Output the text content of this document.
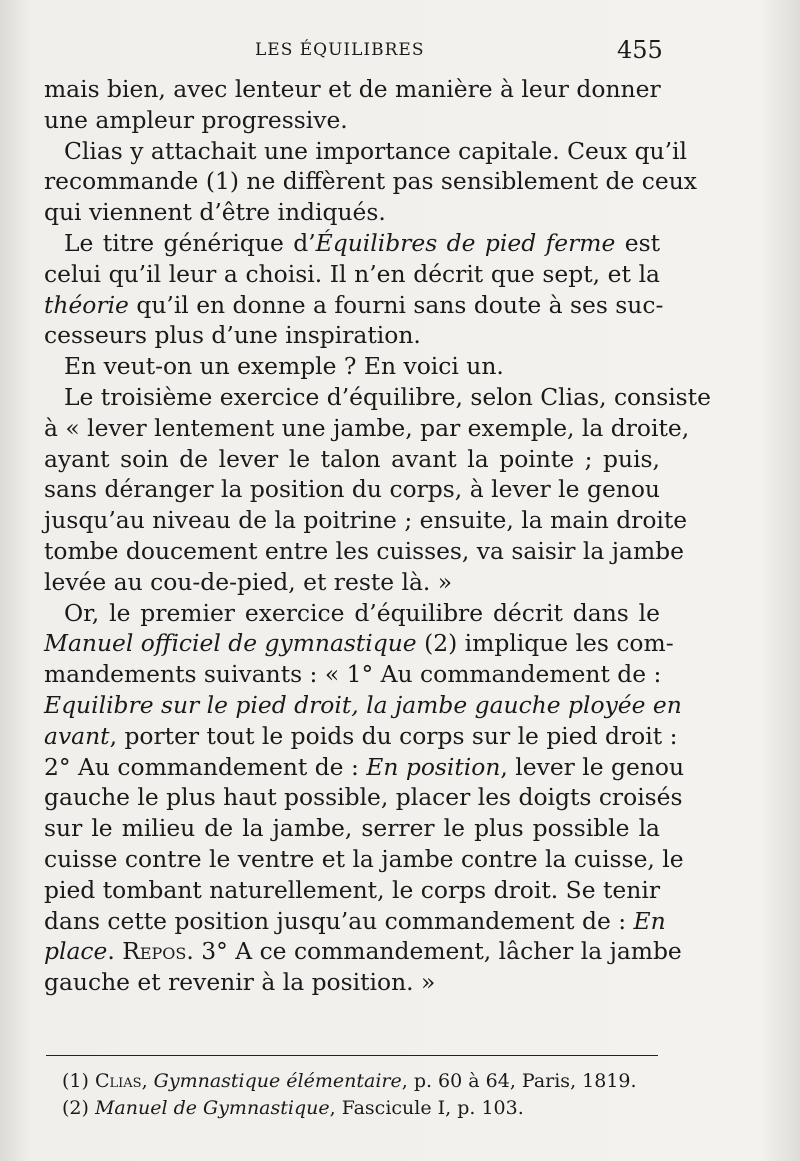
LES ÉQUILIBRES	455
mais bien, avec lenteur et de manière à leur donner
une ampleur progressive.
Clias y attachait une importance capitale. Ceux qu’il
recommande (1) ne diffèrent pas sensiblement de ceux
qui viennent d’être indiqués.
Le titre générique d’Équilibres de pied ferme est
celui qu’il leur a choisi. Il n’en décrit que sept, et la
théorie qu’il en donne a fourni sans doute à ses suc-
cesseurs plus d’une inspiration.
En veut-on un exemple ? En voici un.
Le troisième exercice d’équilibre, selon Clias, consiste
à « lever lentement une jambe, par exemple, la droite,
ayant soin de lever le talon avant la pointe ; puis,
sans déranger la position du corps, à lever le genou
jusqu’au niveau de la poitrine ; ensuite, la main droite
tombe doucement entre les cuisses, va saisir la jambe
levée au cou-de-pied, et reste là. »
Or, le premier exercice d’équilibre décrit dans le
Manuel officiel de gymnastique (2) implique les com-
mandements suivants : « 1° Au commandement de :
Equilibre sur le pied droit, la jambe gauche ployée en
avant, porter tout le poids du corps sur le pied droit :
2° Au commandement de : En position, lever le genou
gauche le plus haut possible, placer les doigts croisés
sur le milieu de la jambe, serrer le plus possible la
cuisse contre le ventre et la jambe contre la cuisse, le
pied tombant naturellement, le corps droit. Se tenir
dans cette position jusqu’au commandement de : En
place. Repos. 3° A ce commandement, lâcher la jambe
gauche et revenir à la position. »
(1) Clias, Gymnastique élémentaire, p. 60 à 64, Paris, 1819.
(2) Manuel de Gymnastique, Fascicule I, p. 103.
